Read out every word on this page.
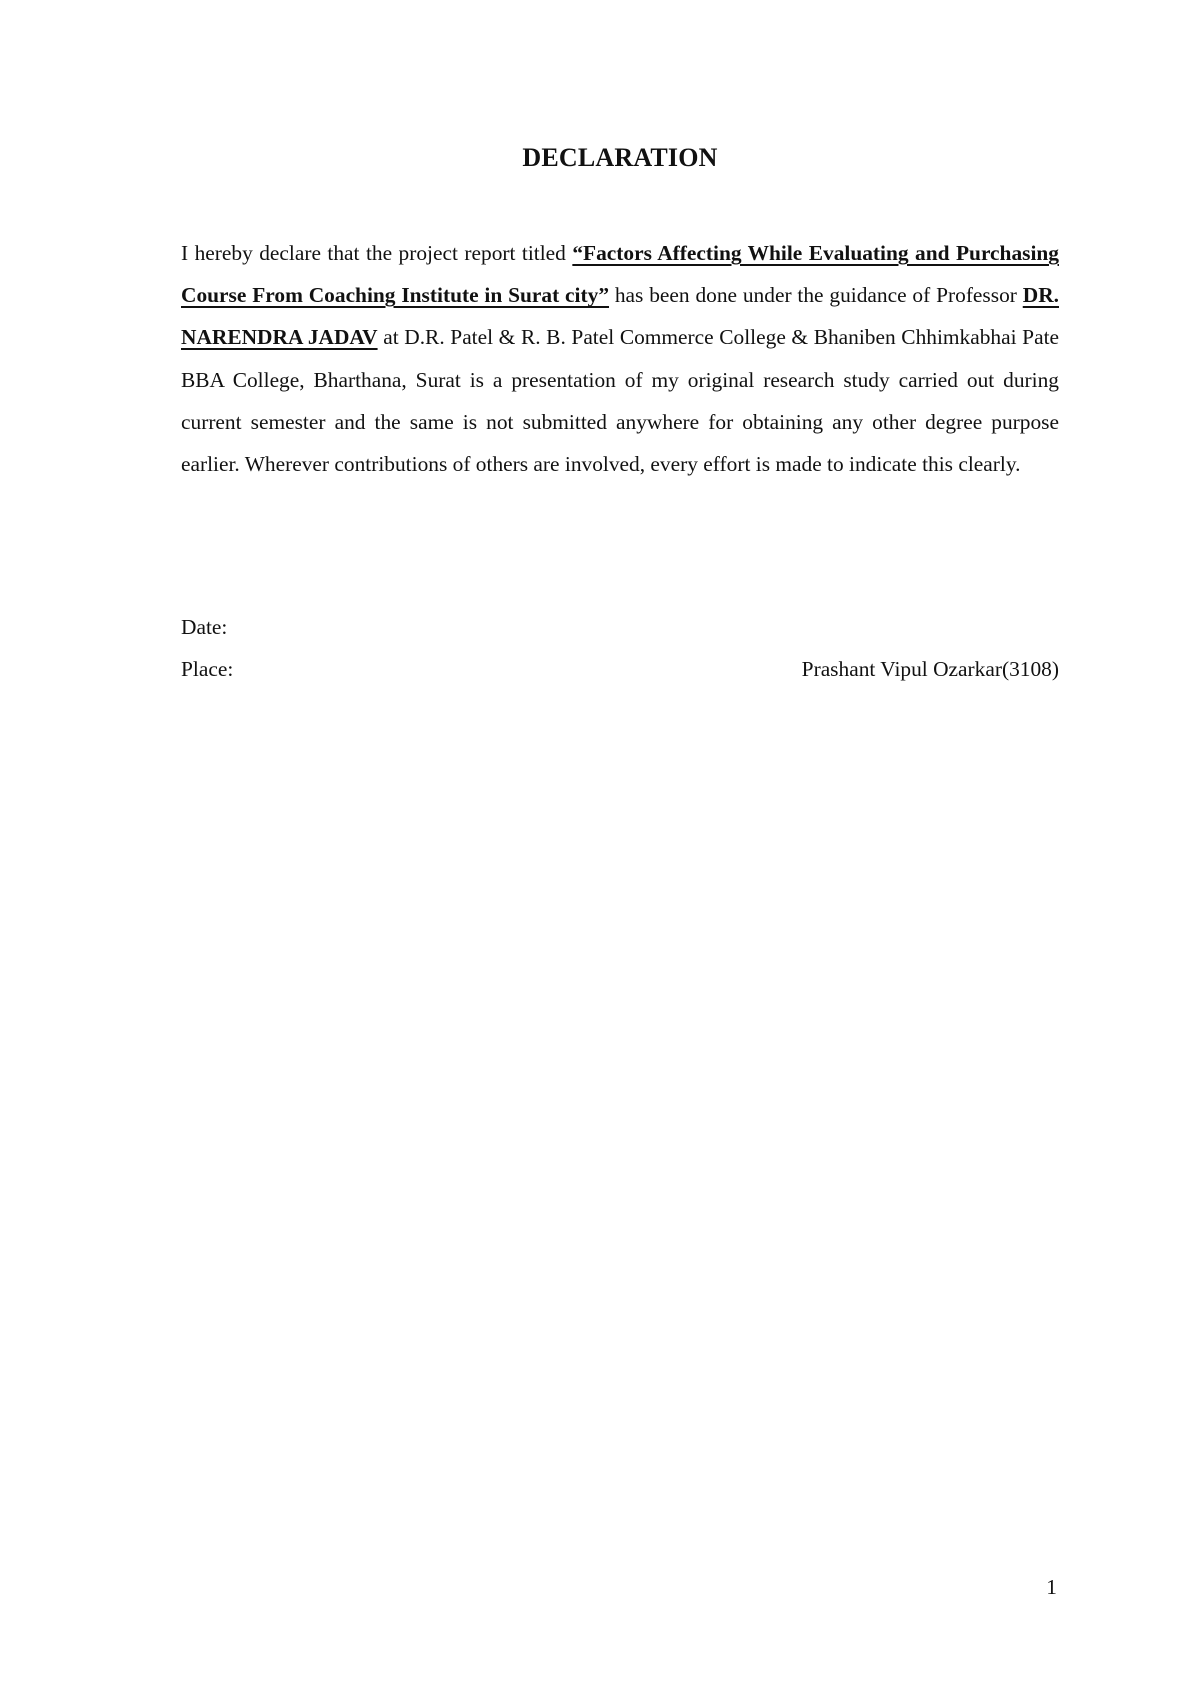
DECLARATION

I hereby declare that the project report titled “Factors Affecting While Evaluating and Purchasing Course From Coaching Institute in Surat city” has been done under the guidance of Professor DR. NARENDRA JADAV at D.R. Patel & R. B. Patel Commerce College & Bhaniben Chhimkabhai Pate BBA College, Bharthana, Surat is a presentation of my original research study carried out during current semester and the same is not submitted anywhere for obtaining any other degree purpose earlier. Wherever contributions of others are involved, every effort is made to indicate this clearly.

Date:
Place:	Prashant Vipul Ozarkar(3108)
1
